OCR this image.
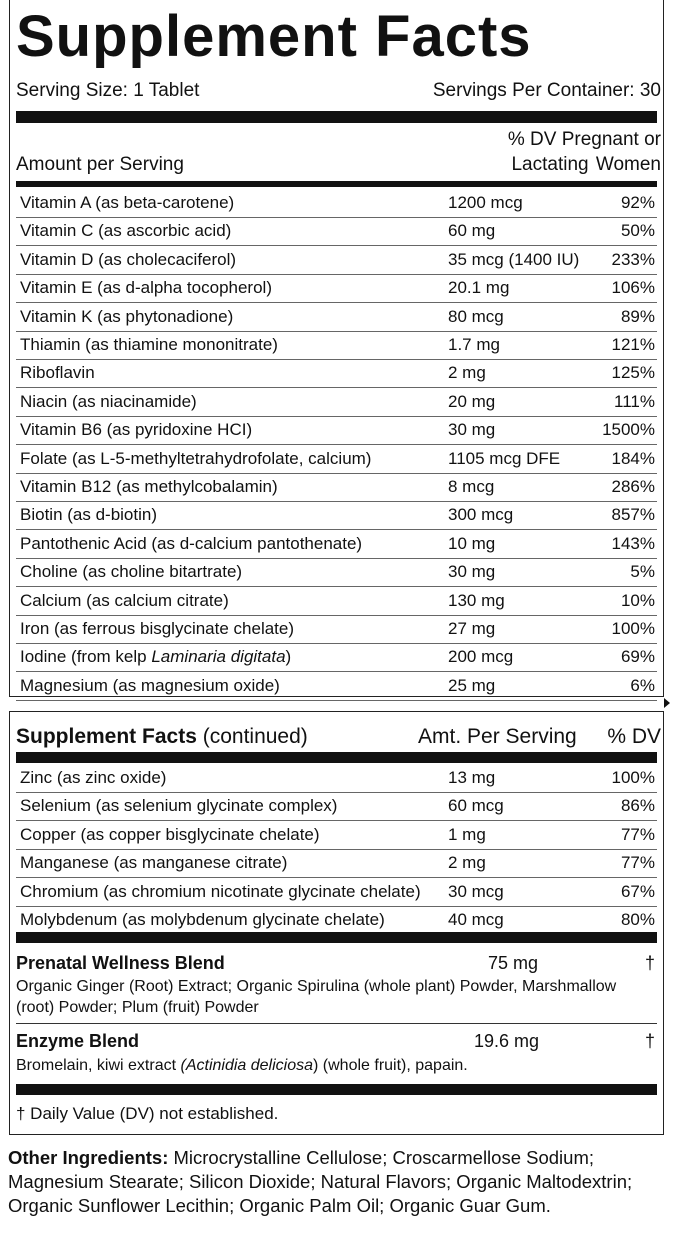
Supplement Facts
Serving Size: 1 Tablet	Servings Per Container: 30
% DV Pregnant or
Lactating Women
Amount per Serving
Vitamin A (as beta-carotene)	1200 mcg	92%
Vitamin C (as ascorbic acid)	60 mg	50%
Vitamin D (as cholecaciferol)	35 mcg (1400 IU) 233%
Vitamin E (as d-alpha tocopherol)	20.1 mg	106%
Vitamin K (as phytonadione)	80 mcg	89%
Thiamin (as thiamine mononitrate)	1.7 mg	121%
Riboflavin	2 mg	125%
Niacin (as niacinamide)	20 mg	111%
Vitamin B6 (as pyridoxine HCI)	30 mg	1500%
Folate (as L-5-methyltetrahydrofolate, calcium)	1105 mcg DFE	184%
Vitamin B12 (as methylcobalamin)	8 mcg	286%
Biotin (as d-biotin)	300 mcg	857%
Pantothenic Acid (as d-calcium pantothenate)	10 mg	143%
Choline (as choline bitartrate)	30 mg	5%
Calcium (as calcium citrate)	130 mg	10%
Iron (as ferrous bisglycinate chelate)	27 mg	100%
Iodine (from kelp Laminaria digitata)	200 mcg	69%
Magnesium (as magnesium oxide)	25 mg	6%
Supplement Facts (continued)	Amt. Per Serving % DV
Zinc (as zinc oxide)	13 mg	100%
Selenium (as selenium glycinate complex)	60 mcg	86%
Copper (as copper bisglycinate chelate)	1 mg	77%
Manganese (as manganese citrate)	2 mg	77%
Chromium (as chromium nicotinate glycinate chelate) 30 mcg	67%
Molybdenum (as molybdenum glycinate chelate)	40 mcg	80%
Prenatal Wellness Blend	75 mg	†
Organic Ginger (Root) Extract; Organic Spirulina (whole plant) Powder, Marshmallow (root) Powder; Plum (fruit) Powder
Enzyme Blend	19.6 mg	†
Bromelain, kiwi extract (Actinidia deliciosa) (whole fruit), papain.
† Daily Value (DV) not established.
Other Ingredients: Microcrystalline Cellulose; Croscarmellose Sodium; Magnesium Stearate; Silicon Dioxide; Natural Flavors; Organic Maltodextrin; Organic Sunflower Lecithin; Organic Palm Oil; Organic Guar Gum.
